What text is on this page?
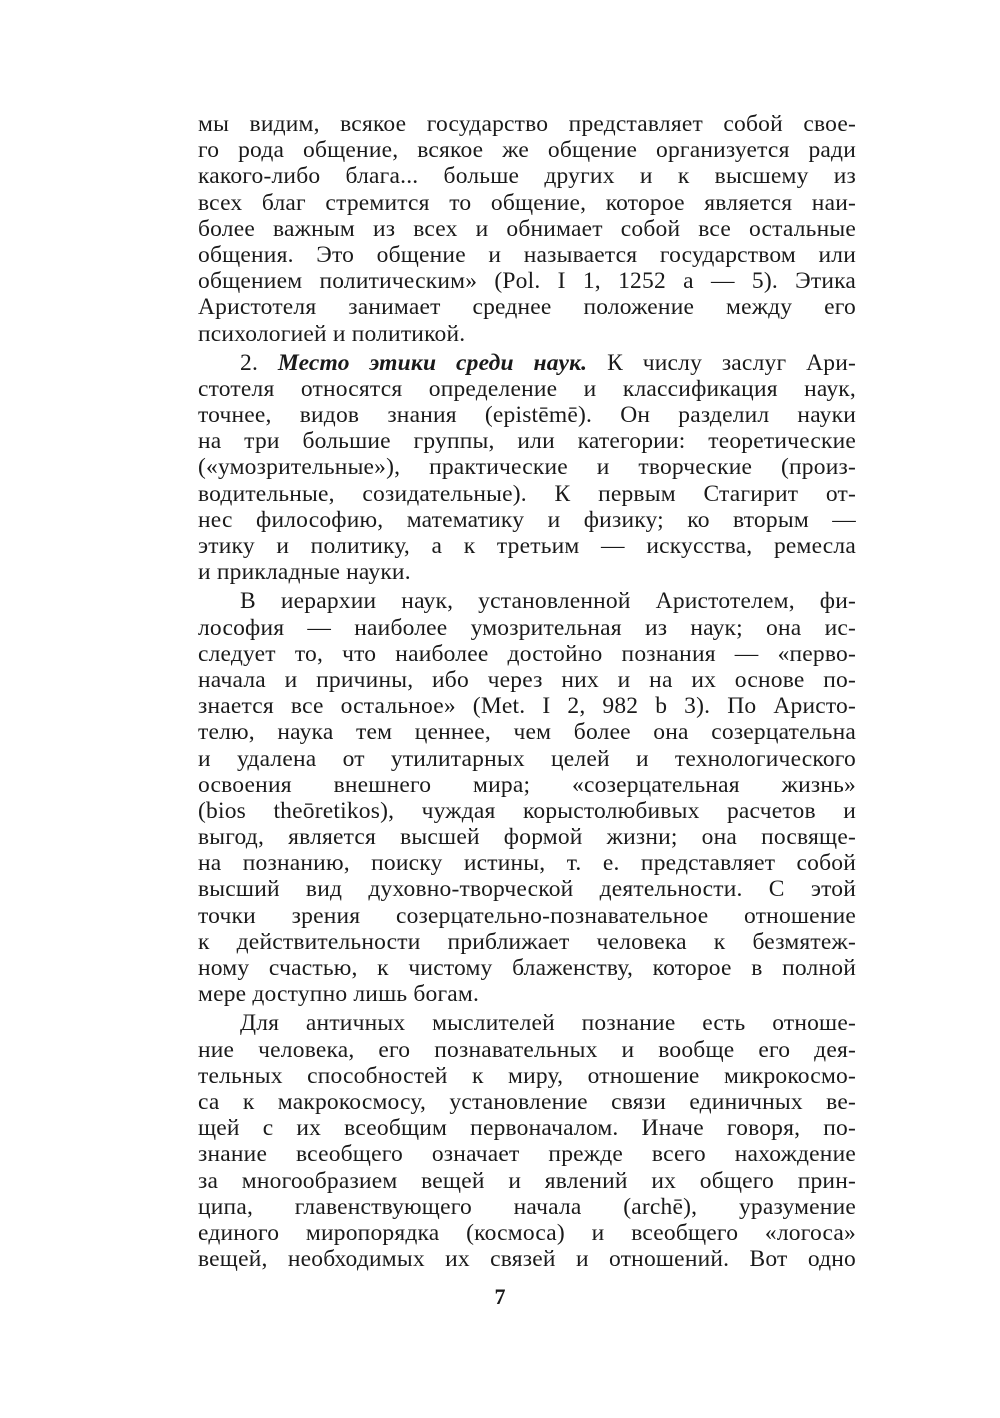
мы видим, всякое государство представляет собой свое-
го рода общение, всякое же общение организуется ради
какого-либо блага... больше других и к высшему из
всех благ стремится то общение, которое является наи-
более важным из всех и обнимает собой все остальные
общения. Это общение и называется государством или
общением политическим» (Pol. I 1, 1252 a — 5). Этика
Аристотеля занимает среднее положение между его
психологией и политикой.
2. Место этики среди наук. К числу заслуг Ари-
стотеля относятся определение и классификация наук,
точнее, видов знания (epistēmē). Он разделил науки
на три большие группы, или категории: теоретические
(«умозрительные»), практические и творческие (произ-
водительные, созидательные). К первым Стагирит от-
нес философию, математику и физику; ко вторым —
этику и политику, а к третьим — искусства, ремесла
и прикладные науки.
В иерархии наук, установленной Аристотелем, фи-
лософия — наиболее умозрительная из наук; она ис-
следует то, что наиболее достойно познания — «перво-
начала и причины, ибо через них и на их основе по-
знается все остальное» (Met. I 2, 982 b 3). По Аристо-
телю, наука тем ценнее, чем более она созерцательна
и удалена от утилитарных целей и технологического
освоения внешнего мира; «созерцательная жизнь»
(bios theōretikos), чуждая корыстолюбивых расчетов и
выгод, является высшей формой жизни; она посвяще-
на познанию, поиску истины, т. е. представляет собой
высший вид духовно-творческой деятельности. С этой
точки зрения созерцательно-познавательное отношение
к действительности приближает человека к безмятеж-
ному счастью, к чистому блаженству, которое в полной
мере доступно лишь богам.
Для античных мыслителей познание есть отноше-
ние человека, его познавательных и вообще его дея-
тельных способностей к миру, отношение микрокосмо-
са к макрокосмосу, установление связи единичных ве-
щей с их всеобщим первоначалом. Иначе говоря, по-
знание всеобщего означает прежде всего нахождение
за многообразием вещей и явлений их общего прин-
ципа, главенствующего начала (archē), уразумение
единого миропорядка (космоса) и всеобщего «логоса»
вещей, необходимых их связей и отношений. Вот одно
7
